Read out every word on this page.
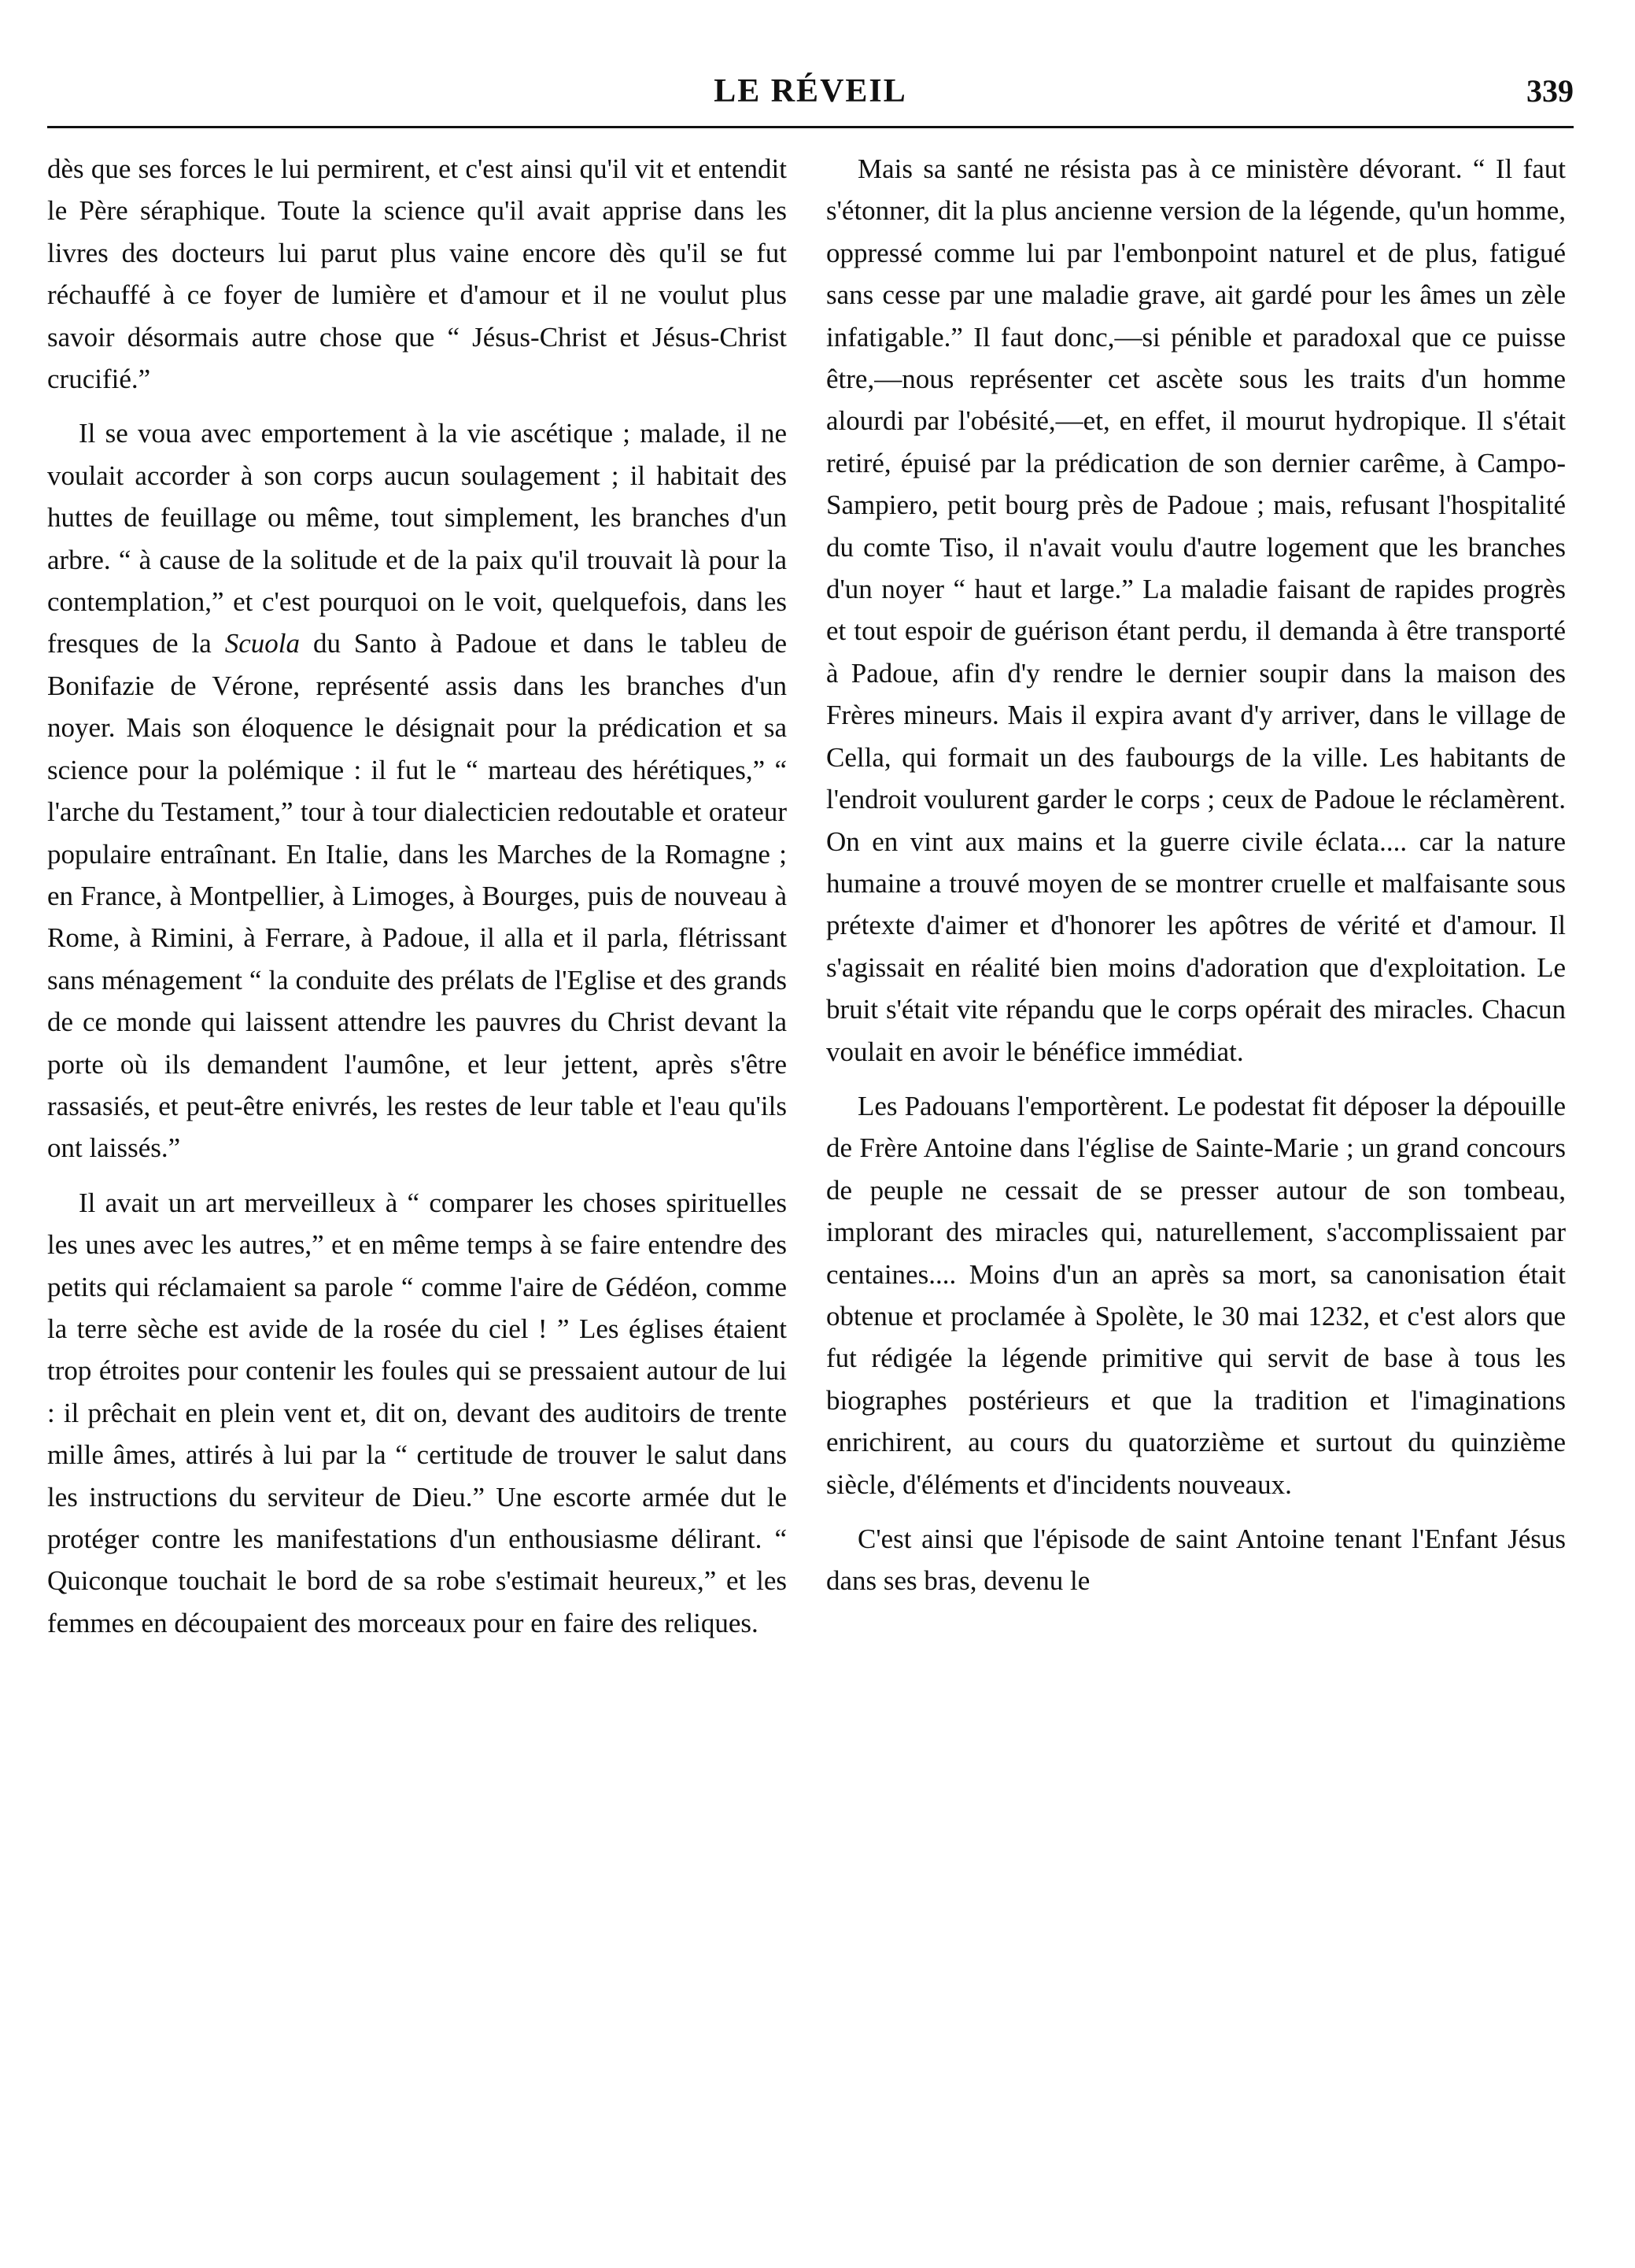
LE RÉVEIL	339

dès que ses forces le lui permirent, et c'est ainsi qu'il vit et entendit le Père séraphique. Toute la science qu'il avait apprise dans les livres des docteurs lui parut plus vaine encore dès qu'il se fut réchauffé à ce foyer de lumière et d'amour et il ne voulut plus savoir désormais autre chose que “ Jésus-Christ et Jésus-Christ crucifié.”

Il se voua avec emportement à la vie ascétique ; malade, il ne voulait accorder à son corps aucun soulagement ; il habitait des huttes de feuillage ou même, tout simplement, les branches d'un arbre. “ à cause de la solitude et de la paix qu'il trouvait là pour la contemplation,” et c'est pourquoi on le voit, quelquefois, dans les fresques de la Scuola du Santo à Padoue et dans le tableu de Bonifazie de Vérone, représenté assis dans les branches d'un noyer. Mais son éloquence le désignait pour la prédication et sa science pour la polémique : il fut le “ marteau des hérétiques,” “ l'arche du Testament,” tour à tour dialecticien redoutable et orateur populaire entraînant. En Italie, dans les Marches de la Romagne ; en France, à Montpellier, à Limoges, à Bourges, puis de nouveau à Rome, à Rimini, à Ferrare, à Padoue, il alla et il parla, flétrissant sans ménagement “ la conduite des prélats de l'Eglise et des grands de ce monde qui laissent attendre les pauvres du Christ devant la porte où ils demandent l'aumône, et leur jettent, après s'être rassasiés, et peut-être enivrés, les restes de leur table et l'eau qu'ils ont laissés.”

Il avait un art merveilleux à “ comparer les choses spirituelles les unes avec les autres,” et en même temps à se faire entendre des petits qui réclamaient sa parole “ comme l'aire de Gédéon, comme la terre sèche est avide de la rosée du ciel ! ” Les églises étaient trop étroites pour contenir les foules qui se pressaient autour de lui : il prêchait en plein vent et, dit on, devant des auditoirs de trente mille âmes, attirés à lui par la “ certitude de trouver le salut dans les instructions du serviteur de Dieu.” Une escorte armée dut le protéger contre les manifestations d'un enthousiasme délirant. “ Quiconque touchait le bord de sa robe s'estimait heureux,” et les femmes en découpaient des morceaux pour en faire des reliques.

Mais sa santé ne résista pas à ce ministère dévorant. “ Il faut s'étonner, dit la plus ancienne version de la légende, qu'un homme, oppressé comme lui par l'embonpoint naturel et de plus, fatigué sans cesse par une maladie grave, ait gardé pour les âmes un zèle infatigable.” Il faut donc,—si pénible et paradoxal que ce puisse être,—nous représenter cet ascète sous les traits d'un homme alourdi par l'obésité,—et, en effet, il mourut hydropique. Il s'était retiré, épuisé par la prédication de son dernier carême, à Campo-Sampiero, petit bourg près de Padoue ; mais, refusant l'hospitalité du comte Tiso, il n'avait voulu d'autre logement que les branches d'un noyer “ haut et large.” La maladie faisant de rapides progrès et tout espoir de guérison étant perdu, il demanda à être transporté à Padoue, afin d'y rendre le dernier soupir dans la maison des Frères mineurs. Mais il expira avant d'y arriver, dans le village de Cella, qui formait un des faubourgs de la ville. Les habitants de l'endroit voulurent garder le corps ; ceux de Padoue le réclamèrent. On en vint aux mains et la guerre civile éclata.... car la nature humaine a trouvé moyen de se montrer cruelle et malfaisante sous prétexte d'aimer et d'honorer les apôtres de vérité et d'amour. Il s'agissait en réalité bien moins d'adoration que d'exploitation. Le bruit s'était vite répandu que le corps opérait des miracles. Chacun voulait en avoir le bénéfice immédiat.

Les Padouans l'emportèrent. Le podestat fit déposer la dépouille de Frère Antoine dans l'église de Sainte-Marie ; un grand concours de peuple ne cessait de se presser autour de son tombeau, implorant des miracles qui, naturellement, s'accomplissaient par centaines.... Moins d'un an après sa mort, sa canonisation était obtenue et proclamée à Spolète, le 30 mai 1232, et c'est alors que fut rédigée la légende primitive qui servit de base à tous les biographes postérieurs et que la tradition et l'imaginations enrichirent, au cours du quatorzième et surtout du quinzième siècle, d'éléments et d'incidents nouveaux.

C'est ainsi que l'épisode de saint Antoine tenant l'Enfant Jésus dans ses bras, devenu le
